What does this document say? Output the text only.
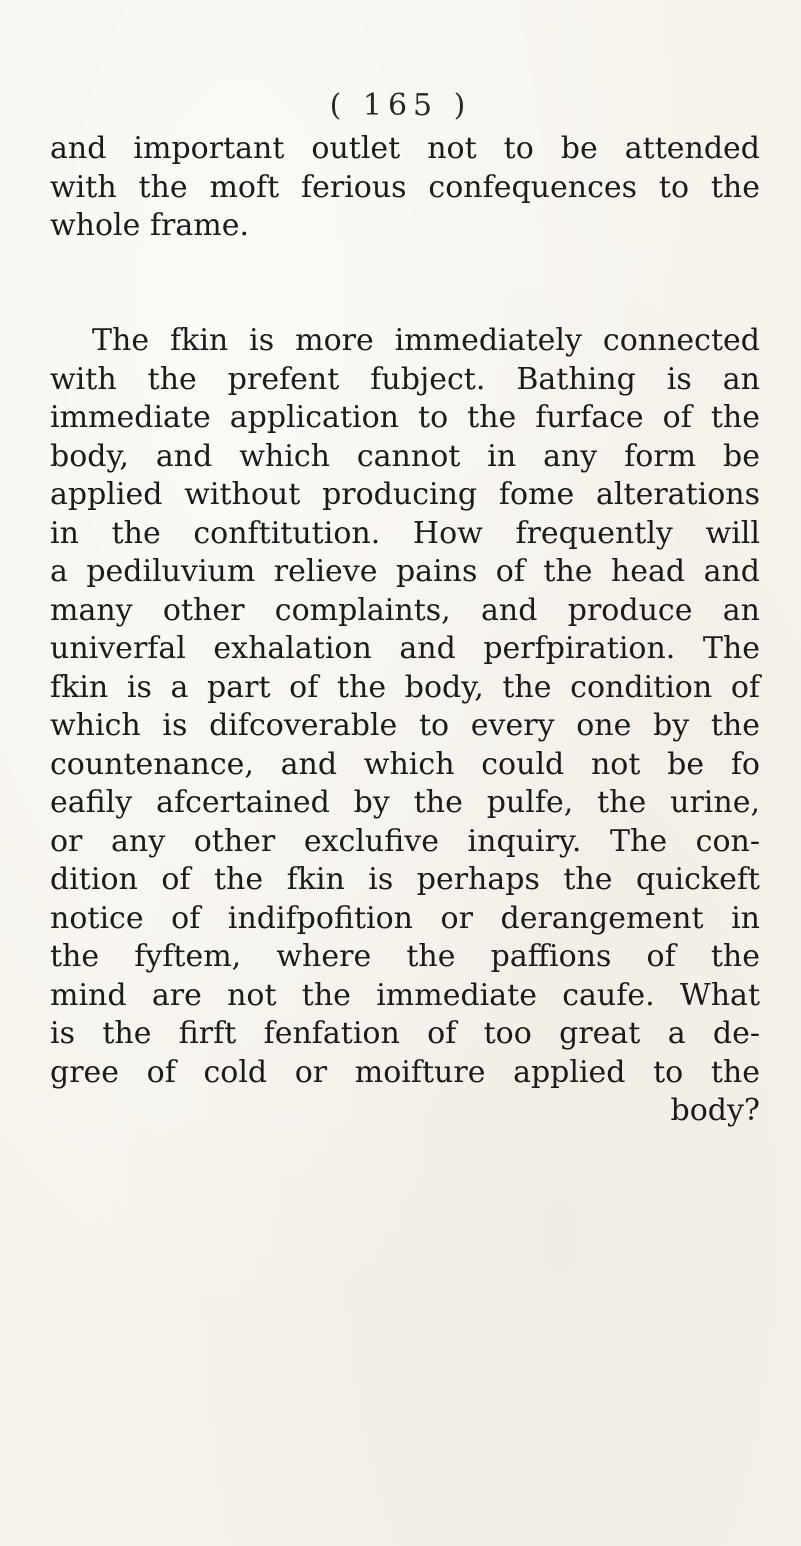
( 165 )
and important outlet not to be attended
with the moft ferious confequences to the
whole frame.
The fkin is more immediately connected
with the prefent fubject. Bathing is an
immediate application to the furface of the
body, and which cannot in any form be
applied without producing fome alterations
in the conftitution. How frequently will
a pediluvium relieve pains of the head and
many other complaints, and produce an
univerfal exhalation and perfpiration. The
fkin is a part of the body, the condition of
which is difcoverable to every one by the
countenance, and which could not be fo
eafily afcertained by the pulfe, the urine,
or any other exclufive inquiry. The con-
dition of the fkin is perhaps the quickeft
notice of indifpofition or derangement in
the fyftem, where the paffions of the
mind are not the immediate caufe. What
is the firft fenfation of too great a de-
gree of cold or moifture applied to the
body?
